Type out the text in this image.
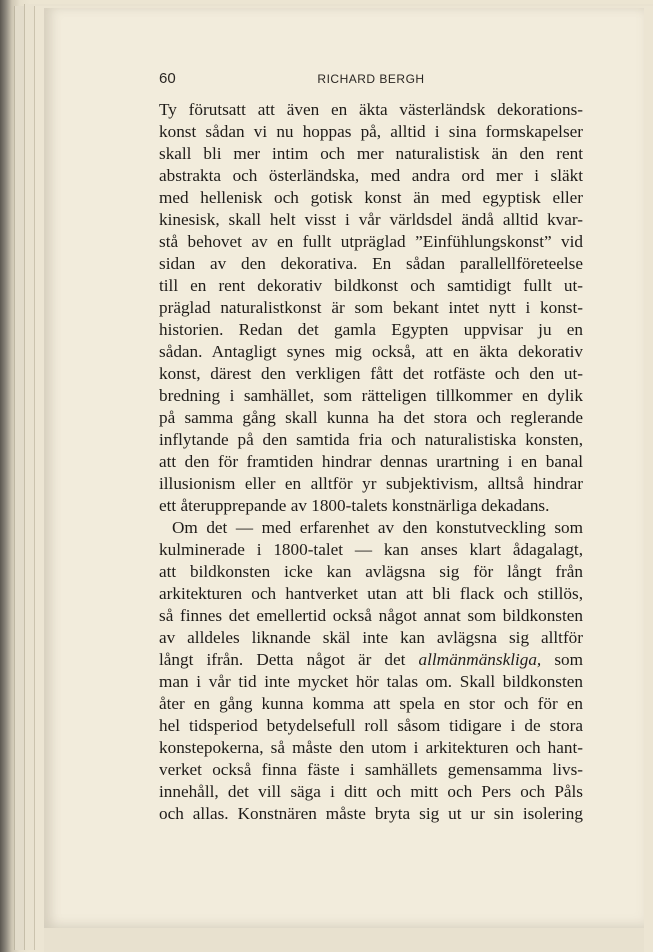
60	RICHARD BERGH
Ty förutsatt att även en äkta västerländsk dekorations-
konst sådan vi nu hoppas på, alltid i sina formskapelser
skall bli mer intim och mer naturalistisk än den rent
abstrakta och österländska, med andra ord mer i släkt
med hellenisk och gotisk konst än med egyptisk eller
kinesisk, skall helt visst i vår världsdel ändå alltid kvar-
stå behovet av en fullt utpräglad ”Einfühlungskonst” vid
sidan av den dekorativa. En sådan parallellföreteelse
till en rent dekorativ bildkonst och samtidigt fullt ut-
präglad naturalistkonst är som bekant intet nytt i konst-
historien. Redan det gamla Egypten uppvisar ju en
sådan. Antagligt synes mig också, att en äkta dekorativ
konst, därest den verkligen fått det rotfäste och den ut-
bredning i samhället, som rätteligen tillkommer en dylik
på samma gång skall kunna ha det stora och reglerande
inflytande på den samtida fria och naturalistiska konsten,
att den för framtiden hindrar dennas urartning i en banal
illusionism eller en alltför yr subjektivism, alltså hindrar
ett återupprepande av 1800-talets konstnärliga dekadans.
Om det — med erfarenhet av den konstutveckling som
kulminerade i 1800-talet — kan anses klart ådagalagt,
att bildkonsten icke kan avlägsna sig för långt från
arkitekturen och hantverket utan att bli flack och stillös,
så finnes det emellertid också något annat som bildkonsten
av alldeles liknande skäl inte kan avlägsna sig alltför
långt ifrån. Detta något är det allmänmänskliga, som
man i vår tid inte mycket hör talas om. Skall bildkonsten
åter en gång kunna komma att spela en stor och för en
hel tidsperiod betydelsefull roll såsom tidigare i de stora
konstepokerna, så måste den utom i arkitekturen och hant-
verket också finna fäste i samhällets gemensamma livs-
innehåll, det vill säga i ditt och mitt och Pers och Påls
och allas. Konstnären måste bryta sig ut ur sin isolering
